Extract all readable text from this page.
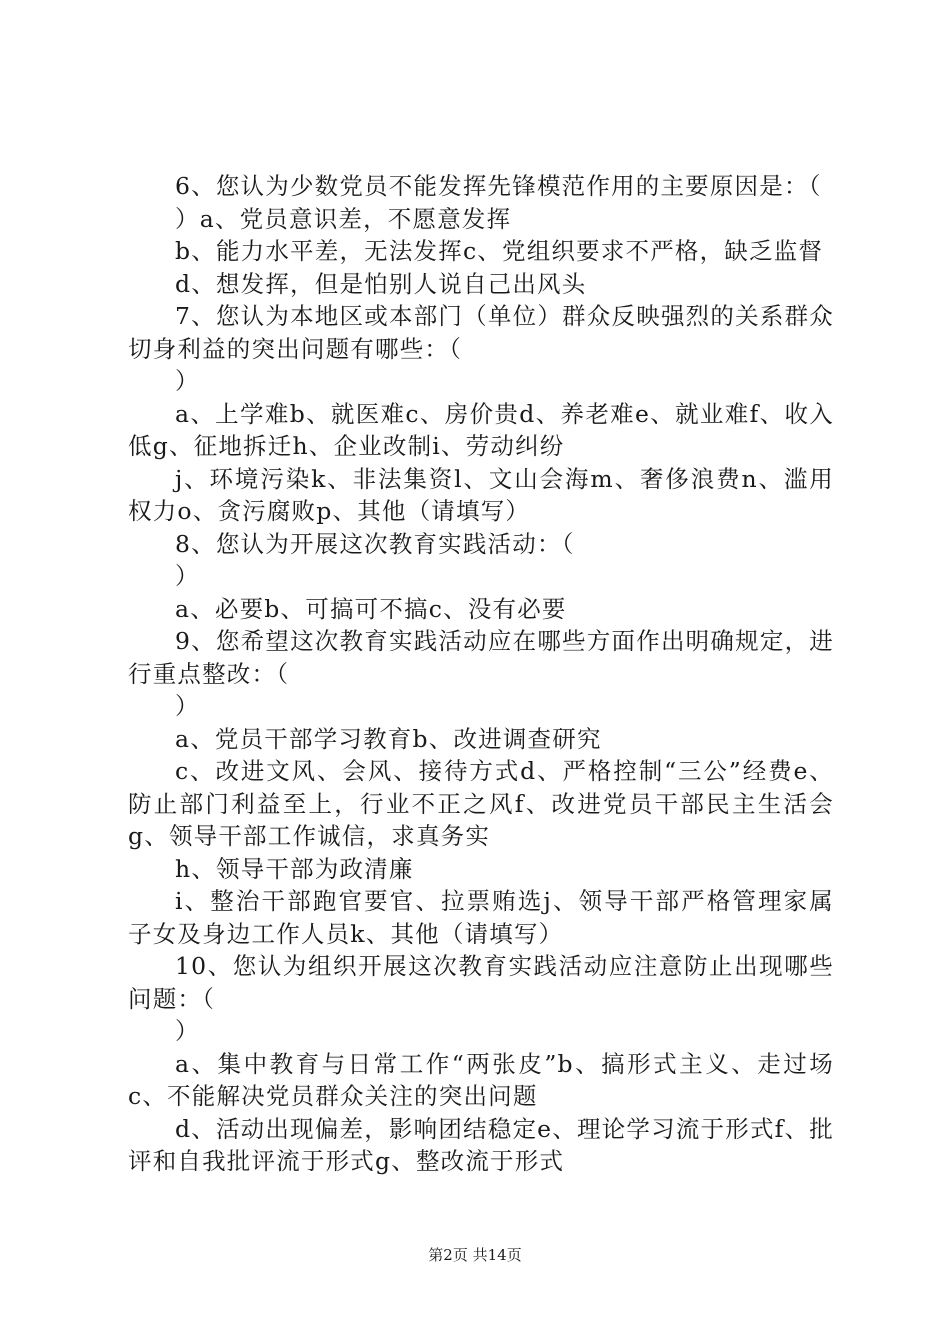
6、您认为少数党员不能发挥先锋模范作用的主要原因是：（

）a、党员意识差，不愿意发挥

b、能力水平差，无法发挥c、党组织要求不严格，缺乏监督

d、想发挥，但是怕别人说自己出风头

7、您认为本地区或本部门（单位）群众反映强烈的关系群众切身利益的突出问题有哪些：（

）

a、上学难b、就医难c、房价贵d、养老难e、就业难f、收入低g、征地拆迁h、企业改制i、劳动纠纷

j、环境污染k、非法集资l、文山会海m、奢侈浪费n、滥用权力o、贪污腐败p、其他（请填写）

8、您认为开展这次教育实践活动：（

）

a、必要b、可搞可不搞c、没有必要

9、您希望这次教育实践活动应在哪些方面作出明确规定，进行重点整改：（

）

a、党员干部学习教育b、改进调查研究

c、改进文风、会风、接待方式d、严格控制“三公”经费e、防止部门利益至上，行业不正之风f、改进党员干部民主生活会g、领导干部工作诚信，求真务实

h、领导干部为政清廉

i、整治干部跑官要官、拉票贿选j、领导干部严格管理家属子女及身边工作人员k、其他（请填写）

10、您认为组织开展这次教育实践活动应注意防止出现哪些问题：（

）

a、集中教育与日常工作“两张皮”b、搞形式主义、走过场c、不能解决党员群众关注的突出问题

d、活动出现偏差，影响团结稳定e、理论学习流于形式f、批评和自我批评流于形式g、整改流于形式

第2页 共14页
